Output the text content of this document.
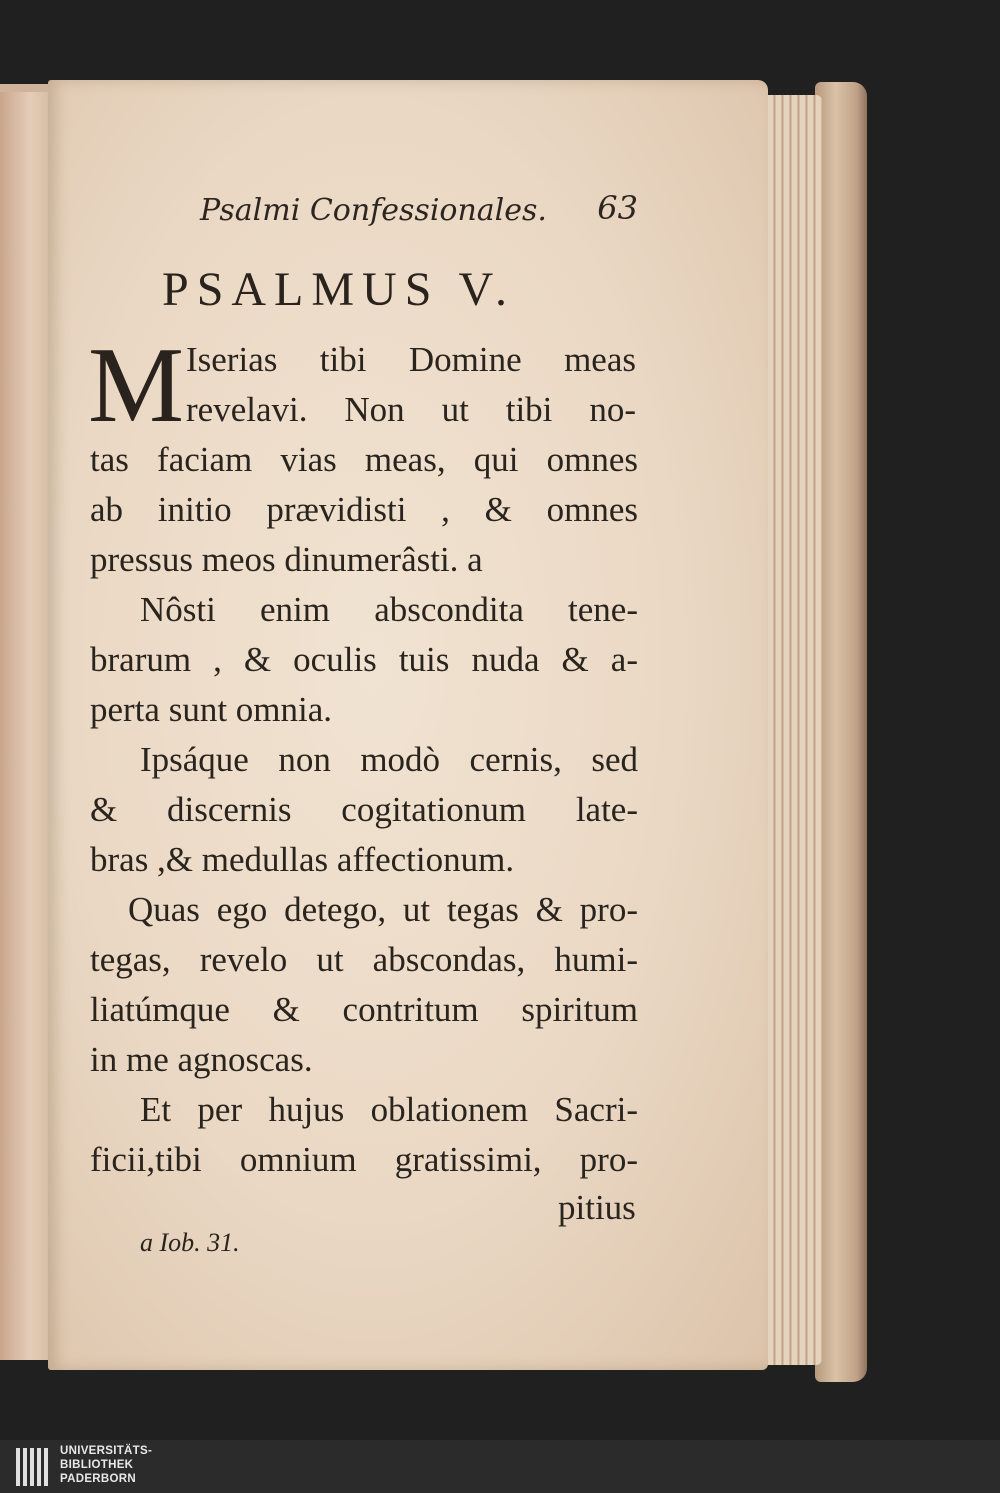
Psalmi Confessionales. 63
PSALMUS V.
M Iserias tibi Domine meas
revelavi. Non ut tibi no-
tas faciam vias meas, qui omnes
ab initio prævidisti , & omnes
pressus meos dinumerâsti. a
Nôsti enim abscondita tene-
brarum , & oculis tuis nuda & a-
perta sunt omnia.
Ipsáque non modò cernis, sed
& discernis cogitationum late-
bras ,& medullas affectionum.
Quas ego detego, ut tegas & pro-
tegas, revelo ut abscondas, humi-
liatúmque & contritum spiritum
in me agnoscas.
Et per hujus oblationem Sacri-
ficii,tibi omnium gratissimi, pro-
pitius
a Iob. 31.
UNIVERSITÄTS-
BIBLIOTHEK
PADERBORN
